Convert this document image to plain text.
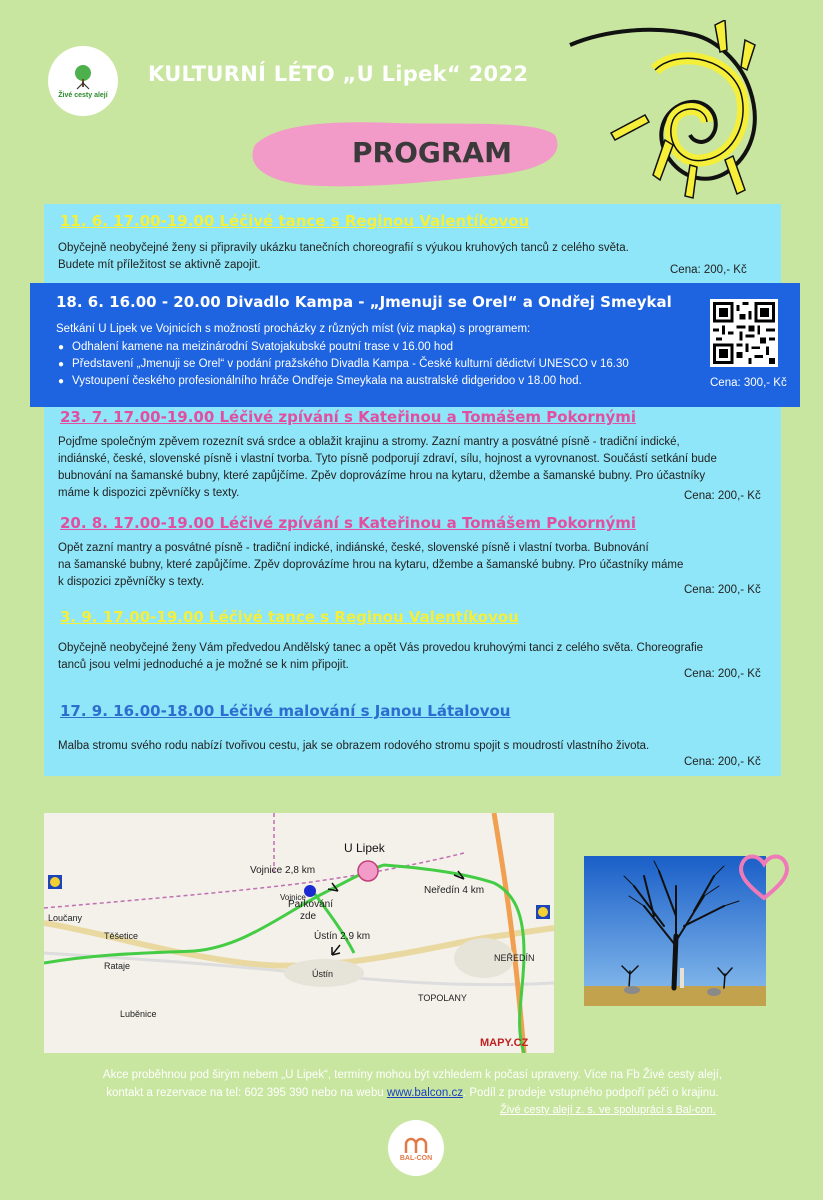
Živé cesty alejí
KULTURNÍ LÉTO „U Lipek“ 2022
PROGRAM
11. 6. 17.00-19.00 Léčivé tance s Reginou Valentíkovou
Obyčejně neobyčejné ženy si připravily ukázku tanečních choreografií s výukou kruhových tanců z celého světa.
Budete mít příležitost se aktivně zapojit.	Cena: 200,- Kč
23. 7. 17.00-19.00 Léčivé zpívání s Kateřinou a Tomášem Pokornými
Pojďme společným zpěvem rozeznít svá srdce a oblažit krajinu a stromy. Zazní mantry a posvátné písně - tradiční indické,
indiánské, české, slovenské písně i vlastní tvorba. Tyto písně podporují zdraví, sílu, hojnost a vyrovnanost. Součástí setkání bude
bubnování na šamanské bubny, které zapůjčíme. Zpěv doprovázíme hrou na kytaru, džembe a šamanské bubny. Pro účastníky
máme k dispozici zpěvníčky s texty.	Cena: 200,- Kč
20. 8. 17.00-19.00 Léčivé zpívání s Kateřinou a Tomášem Pokornými
Opět zazní mantry a posvátné písně - tradiční indické, indiánské, české, slovenské písně i vlastní tvorba. Bubnování
na šamanské bubny, které zapůjčíme. Zpěv doprovázíme hrou na kytaru, džembe a šamanské bubny. Pro účastníky máme
k dispozici zpěvníčky s texty.
Cena: 200,- Kč
3. 9. 17.00-19.00 Léčivé tance s Reginou Valentíkovou
Obyčejně neobyčejné ženy Vám předvedou Andělský tanec a opět Vás provedou kruhovými tanci z celého světa. Choreografie
tanců jsou velmi jednoduché a je možné se k nim připojit.
Cena: 200,- Kč
17. 9. 16.00-18.00 Léčivé malování s Janou Látalovou
Malba stromu svého rodu nabízí tvořivou cestu, jak se obrazem rodového stromu spojit s moudrostí vlastního života.
Cena: 200,- Kč
18. 6. 16.00 - 20.00 Divadlo Kampa - „Jmenuji se Orel“ a Ondřej Smeykal
Setkání U Lipek ve Vojnicích s možností procházky z různých míst (viz mapka) s programem:
● Odhalení kamene na meizinárodní Svatojakubské poutní trase v 16.00 hod
● Představení „Jmenuji se Orel“ v podání pražského Divadla Kampa - České kulturní dědictví UNESCO v 16.30
● Vystoupení českého profesionálního hráče Ondřeje Smeykala na australské didgeridoo v 18.00 hod.	Cena: 300,- Kč
U Lipek
Vojnice 2,8 km
Neředín 4 km
Parkování
zde
Ústín 2,9 km
Loučany
Těšetice
Rataje
Luběnice
Ústín
TOPOLANY
NEŘEDÍN
Vojnice
MAPY.CZ
Akce proběhnou pod širým nebem „U Lipek“, termíny mohou být vzhledem k počasí upraveny. Více na Fb Živé cesty alejí,
kontakt a rezervace na tel: 602 395 390 nebo na webu www.balcon.cz. Podíl z prodeje vstupného podpoří péči o krajinu.
Živé cesty alejí z. s. ve spolupráci s Bal-con.
BAL-CON
